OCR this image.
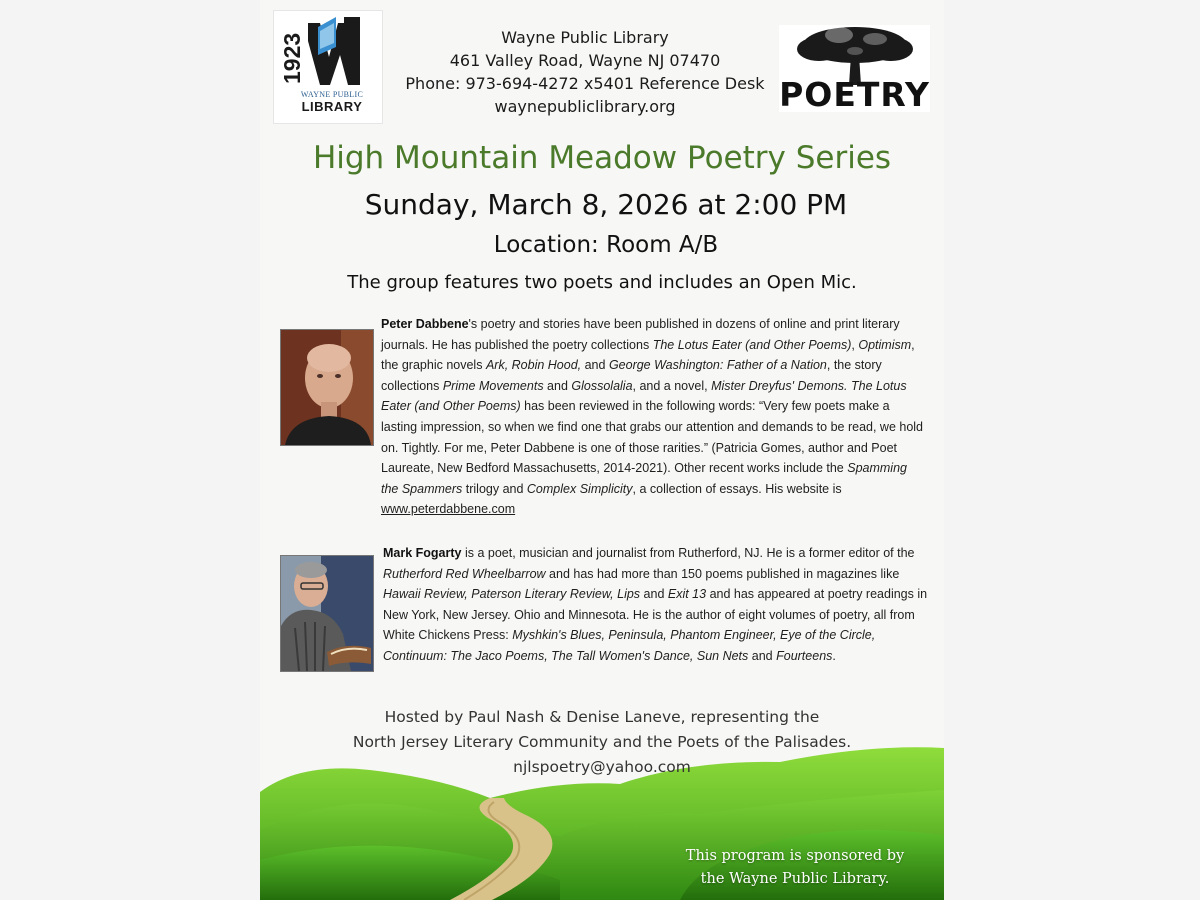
1923
WAYNE PUBLIC
LIBRARY
Wayne Public Library
461 Valley Road, Wayne NJ 07470
Phone: 973-694-4272 x5401 Reference Desk
waynepubliclibrary.org	POETRY
High Mountain Meadow Poetry Series
Sunday, March 8, 2026 at 2:00 PM
Location: Room A/B
The group features two poets and includes an Open Mic.

Peter Dabbene's poetry and stories have been published in dozens of online and print literary journals. He has published the poetry collections The Lotus Eater (and Other Poems), Optimism, the graphic novels Ark, Robin Hood, and George Washington: Father of a Nation, the story collections Prime Movements and Glossolalia, and a novel, Mister Dreyfus' Demons. The Lotus Eater (and Other Poems) has been reviewed in the following words: “Very few poets make a lasting impression, so when we find one that grabs our attention and demands to be read, we hold on. Tightly. For me, Peter Dabbene is one of those rarities.” (Patricia Gomes, author and Poet Laureate, New Bedford Massachusetts, 2014-2021). Other recent works include the Spamming the Spammers trilogy and Complex Simplicity, a collection of essays. His website is www.peterdabbene.com

Mark Fogarty is a poet, musician and journalist from Rutherford, NJ. He is a former editor of the Rutherford Red Wheelbarrow and has had more than 150 poems published in magazines like Hawaii Review, Paterson Literary Review, Lips and Exit 13 and has appeared at poetry readings in New York, New Jersey. Ohio and Minnesota. He is the author of eight volumes of poetry, all from White Chickens Press: Myshkin's Blues, Peninsula, Phantom Engineer, Eye of the Circle, Continuum: The Jaco Poems, The Tall Women's Dance, Sun Nets and Fourteens.

Hosted by Paul Nash & Denise Laneve, representing the
North Jersey Literary Community and the Poets of the Palisades.
njlspoetry@yahoo.com
This program is sponsored by
the Wayne Public Library.
